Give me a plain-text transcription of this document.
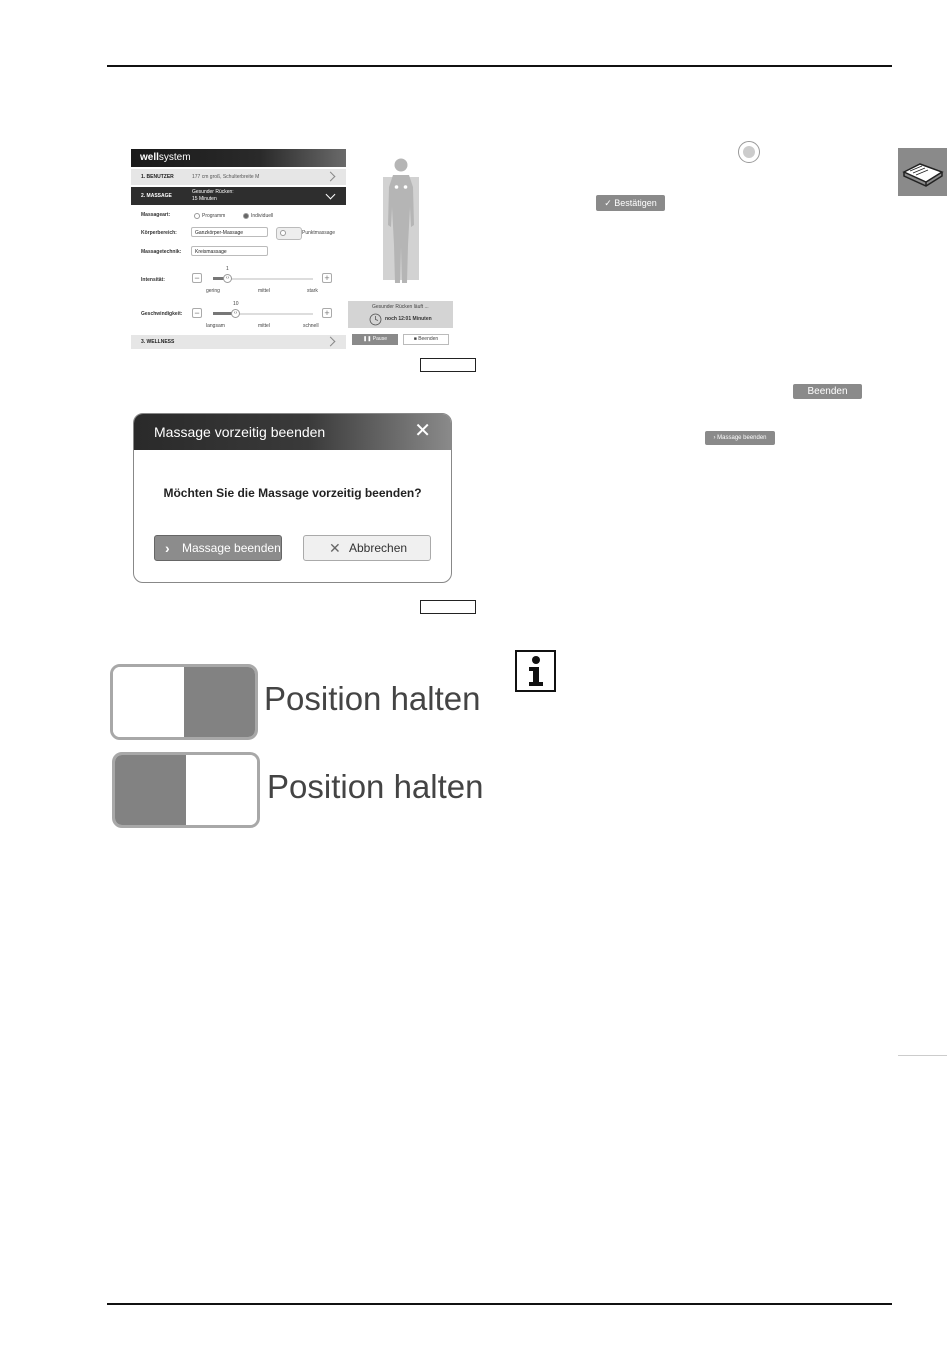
wellsystem
1. BENUTZER	177 cm groß, Schulterbreite M
2. MASSAGE
Gesunder Rücken:
15 Minuten
Massageart:	Programm	Individuell
Körperbereich:	Ganzkörper-Massage	Punktmassage
Massagetechnik:	Kreismassage
Intensität:	−
1
‹›	+
gering	mittel	stark
Geschwindigkeit: −
10
‹›	+
langsam	mittel	schnell
3. WELLNESS
Gesunder Rücken läuft ...
noch 12:01 Minuten
❚❚ Pause	■ Beenden
Massage vorzeitig beenden	✕
Möchten Sie die Massage vorzeitig beenden?
› Massage beenden	✕ Abbrechen
Position halten
Position halten
✓ Bestätigen
Beenden
› Massage beenden
